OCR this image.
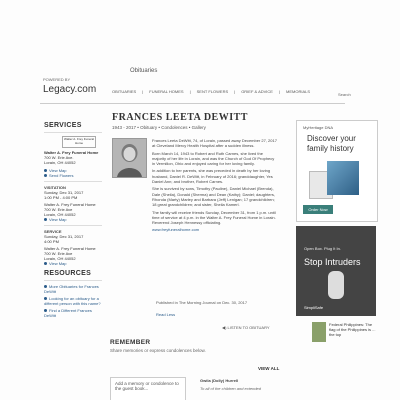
Obituaries
POWERED BY
Legacy.com	OBITUARIES | FUNERAL HOMES | SENT FLOWERS | GRIEF & ADVICE | MEMORIALS
Search
SERVICES
Walter A. Frey Funeral Home
Walter A. Frey Funeral Home
700 W. Erie Ave.
Lorain, OH 44052
View Map
Send Flowers
VISITATION
Sunday, Dec 31, 2017
1:00 PM - 4:00 PM
Walter A. Frey Funeral Home
700 W. Erie Ave
Lorain, OH 44052
View Map
SERVICE
Sunday, Dec 31, 2017
4:00 PM
Walter A. Frey Funeral Home
700 W. Erie Ave
Lorain, OH 44052
View Map
RESOURCES
More Obituaries for Frances DeWitt
Looking for an obituary for a different person with this name?
Find a Different Frances DeWitt
FRANCES LEETA DEWITT
1943 - 2017 • Obituary • Condolences • Gallery

Frances Leeta DeWitt, 74, of Lorain, passed away December 27, 2017 at Cleveland Mercy Health Hospital after a sudden illness.

Born March 14, 1943 to Robert and Ruth Carnes, she lived the majority of her life in Lorain, and was the Church of God Of Prophecy in Vermilion, Ohio and enjoyed caring for her loving family.

In addition to her parents, she was preceded in death by her loving husband, Daniel R. DeWitt, in February of 2016; granddaughter, Yes Daniel Ann; and brother, Robert Carnes.

She is survived by sons, Timothy (Pauline), Daniel Michael (Brenda), Dale (Sheila), Donald (Sherma) and Dean (Kathy); Daniel; daughters, Rhonda (Marty) Marley and Barbara (Jeff) Lenigan; 17 grandchildren; 18 great grandchildren; and sister, Sheila Kamerl.

The family will receive friends Sunday, December 31, from 1 p.m. until time of service at 4 p.m. in the Walter A. Frey Funeral Home in Lorain. Reverend Joseph Hennessy officiating.

www.freyfuneralhome.com

Published in The Morning Journal on Dec. 30, 2017
Read Less
◀) LISTEN TO OBITUARY
REMEMBER
Share memories or express condolences below.
VIEW ALL
Add a memory or condolence to the guest book...
Gwila (Dolly) Hurrell
To all of the children and extended
MyHeritage DNA
Discover your family history
Order Now
Open Box. Plug It In.
Stop Intruders
SimpliSafe
Federal Philippines: The flag of the Philippines is ... the top
